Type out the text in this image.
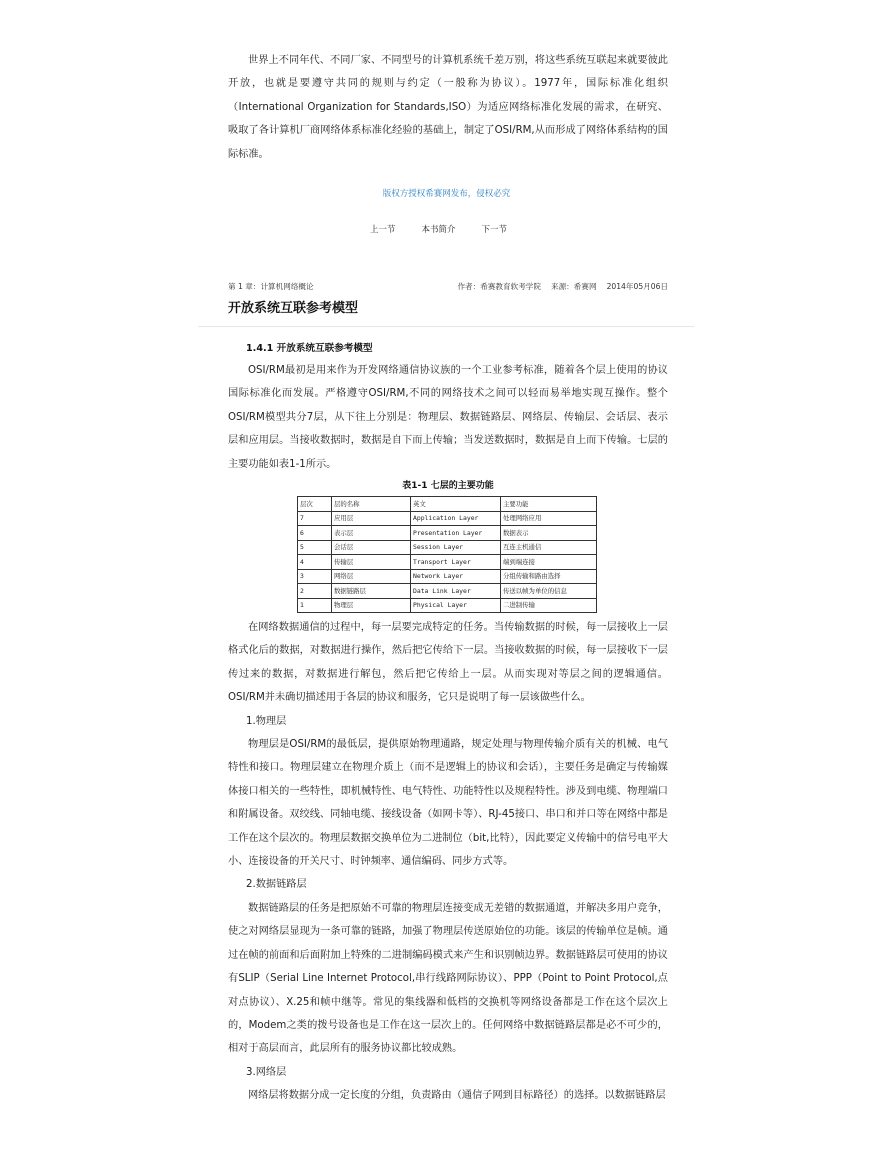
世界上不同年代、不同厂家、不同型号的计算机系统千差万别，将这些系统互联起来就要彼此开放，也就是要遵守共同的规则与约定（一般称为协议）。1977年，国际标准化组织（International Organization for Standards,ISO）为适应网络标准化发展的需求，在研究、吸取了各计算机厂商网络体系标准化经验的基础上，制定了OSI/RM,从而形成了网络体系结构的国际标准。

版权方授权希赛网发布，侵权必究
上一节	本书简介	下一节
第 1 章：计算机网络概论	作者：希赛教育软考学院 来源：希赛网 2014年05月06日
开放系统互联参考模型
1.4.1 开放系统互联参考模型

OSI/RM最初是用来作为开发网络通信协议族的一个工业参考标准，随着各个层上使用的协议国际标准化而发展。严格遵守OSI/RM,不同的网络技术之间可以轻而易举地实现互操作。整个OSI/RM模型共分7层，从下往上分别是：物理层、数据链路层、网络层、传输层、会话层、表示层和应用层。当接收数据时，数据是自下而上传输；当发送数据时，数据是自上而下传输。七层的主要功能如表1-1所示。

表1-1 七层的主要功能
层次	层的名称	英文	主要功能
7	应用层	Application Layer	处理网络应用
6	表示层	Presentation Layer	数据表示
5	会话层	Session Layer	互连主机通信
4	传输层	Transport Layer	端到端连接
3	网络层	Network Layer	分组传输和路由选择
2	数据链路层	Data Link Layer	传送以帧为单位的信息
1	物理层	Physical Layer	二进制传输

在网络数据通信的过程中，每一层要完成特定的任务。当传输数据的时候，每一层接收上一层格式化后的数据，对数据进行操作，然后把它传给下一层。当接收数据的时候，每一层接收下一层传过来的数据，对数据进行解包，然后把它传给上一层。从而实现对等层之间的逻辑通信。OSI/RM并未确切描述用于各层的协议和服务，它只是说明了每一层该做些什么。

1.物理层

物理层是OSI/RM的最低层，提供原始物理通路，规定处理与物理传输介质有关的机械、电气特性和接口。物理层建立在物理介质上（而不是逻辑上的协议和会话），主要任务是确定与传输媒体接口相关的一些特性，即机械特性、电气特性、功能特性以及规程特性。涉及到电缆、物理端口和附属设备。双绞线、同轴电缆、接线设备（如网卡等）、RJ-45接口、串口和并口等在网络中都是工作在这个层次的。物理层数据交换单位为二进制位（bit,比特），因此要定义传输中的信号电平大小、连接设备的开关尺寸、时钟频率、通信编码、同步方式等。

2.数据链路层

数据链路层的任务是把原始不可靠的物理层连接变成无差错的数据通道，并解决多用户竞争，使之对网络层显现为一条可靠的链路，加强了物理层传送原始位的功能。该层的传输单位是帧。通过在帧的前面和后面附加上特殊的二进制编码模式来产生和识别帧边界。数据链路层可使用的协议有SLIP（Serial Line Internet Protocol,串行线路网际协议）、PPP（Point to Point Protocol,点对点协议）、X.25和帧中继等。常见的集线器和低档的交换机等网络设备都是工作在这个层次上的，Modem之类的拨号设备也是工作在这一层次上的。任何网络中数据链路层都是必不可少的，相对于高层而言，此层所有的服务协议都比较成熟。

3.网络层

网络层将数据分成一定长度的分组，负责路由（通信子网到目标路径）的选择。以数据链路层
